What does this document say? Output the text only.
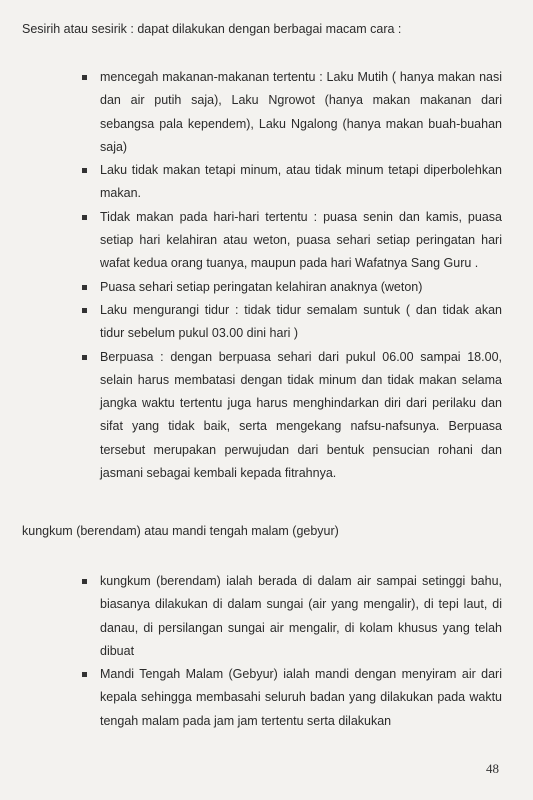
Sesirih atau sesirik : dapat dilakukan dengan berbagai macam cara :
mencegah makanan-makanan tertentu : Laku Mutih ( hanya makan nasi dan air putih saja), Laku Ngrowot (hanya makan makanan dari sebangsa pala kependem), Laku Ngalong (hanya makan buah-buahan saja)
Laku tidak makan tetapi minum, atau tidak minum tetapi diperbolehkan makan.
Tidak makan pada hari-hari tertentu : puasa senin dan kamis, puasa setiap hari kelahiran atau weton, puasa sehari setiap peringatan hari wafat kedua orang tuanya, maupun pada hari Wafatnya Sang Guru .
Puasa sehari setiap peringatan kelahiran anaknya (weton)
Laku mengurangi tidur : tidak tidur semalam suntuk ( dan tidak akan tidur sebelum pukul 03.00 dini hari )
Berpuasa : dengan berpuasa sehari dari pukul 06.00 sampai 18.00, selain harus membatasi dengan tidak minum dan tidak makan selama jangka waktu tertentu juga harus menghindarkan diri dari perilaku dan sifat yang tidak baik, serta mengekang nafsu-nafsunya. Berpuasa tersebut merupakan perwujudan dari bentuk pensucian rohani dan jasmani sebagai kembali kepada fitrahnya.
kungkum (berendam) atau mandi tengah malam (gebyur)
kungkum (berendam) ialah berada di dalam air sampai setinggi bahu, biasanya dilakukan di dalam sungai (air yang mengalir), di tepi laut, di danau, di persilangan sungai air mengalir, di kolam khusus yang telah dibuat
Mandi Tengah Malam (Gebyur) ialah mandi dengan menyiram air dari kepala sehingga membasahi seluruh badan yang dilakukan pada waktu tengah malam pada jam jam tertentu serta dilakukan
48
